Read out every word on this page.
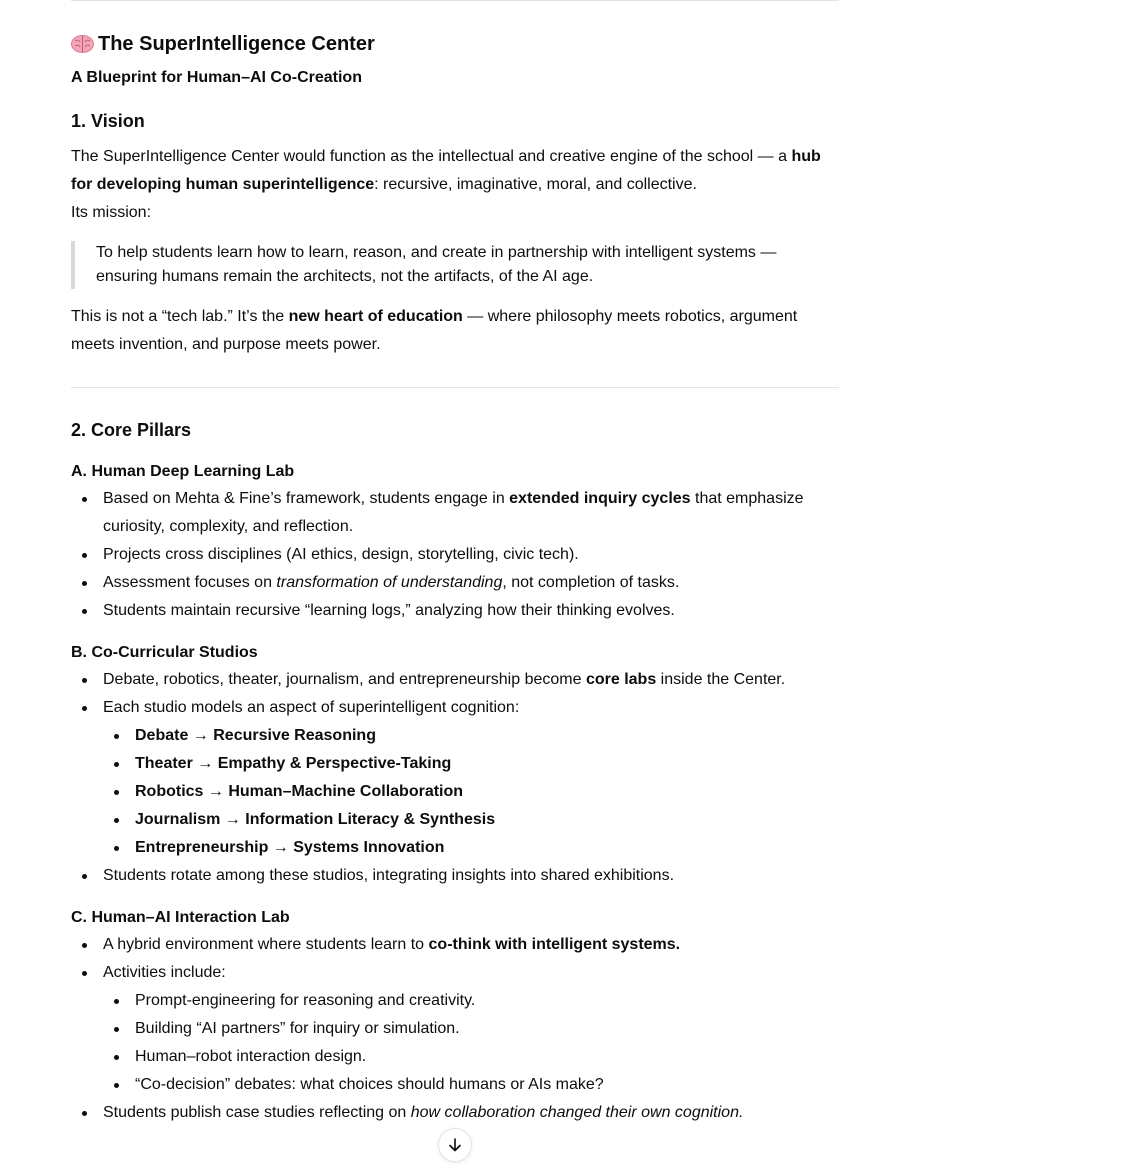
The SuperIntelligence Center
A Blueprint for Human–AI Co-Creation
1. Vision

The SuperIntelligence Center would function as the intellectual and creative engine of the school — a hub for developing human superintelligence: recursive, imaginative, moral, and collective.
Its mission:

To help students learn how to learn, reason, and create in partnership with intelligent systems — ensuring humans remain the architects, not the artifacts, of the AI age.

This is not a “tech lab.” It’s the new heart of education — where philosophy meets robotics, argument meets invention, and purpose meets power.

2. Core Pillars
A. Human Deep Learning Lab
Based on Mehta & Fine’s framework, students engage in extended inquiry cycles that emphasize curiosity, complexity, and reflection.
Projects cross disciplines (AI ethics, design, storytelling, civic tech).
Assessment focuses on transformation of understanding, not completion of tasks.
Students maintain recursive “learning logs,” analyzing how their thinking evolves.
B. Co-Curricular Studios
Debate, robotics, theater, journalism, and entrepreneurship become core labs inside the Center.
Each studio models an aspect of superintelligent cognition:
Debate → Recursive Reasoning
Theater → Empathy & Perspective-Taking
Robotics → Human–Machine Collaboration
Journalism → Information Literacy & Synthesis
Entrepreneurship → Systems Innovation
Students rotate among these studios, integrating insights into shared exhibitions.
C. Human–AI Interaction Lab
A hybrid environment where students learn to co-think with intelligent systems.
Activities include:
Prompt-engineering for reasoning and creativity.
Building “AI partners” for inquiry or simulation.
Human–robot interaction design.
“Co-decision” debates: what choices should humans or AIs make?
Students publish case studies reflecting on how collaboration changed their own cognition.
